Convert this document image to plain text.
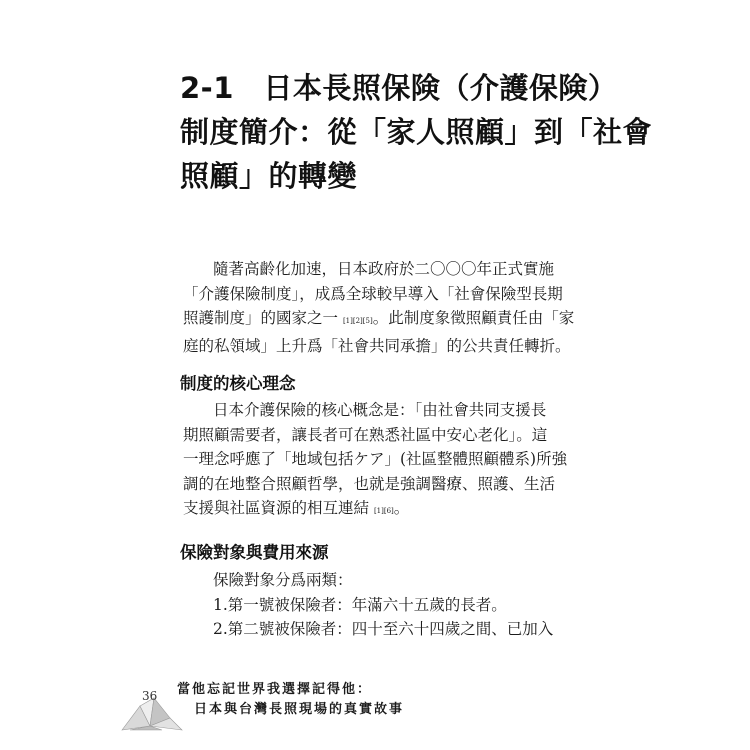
2-1　日本長照保険（介護保険）
制度簡介：從「家人照顧」到「社會
照顧」的轉變

隨著高齡化加速，日本政府於二〇〇〇年正式實施
「介護保險制度」，成爲全球較早導入「社會保險型長期
照護制度」的國家之一 [1][2][5]。此制度象徵照顧責任由「家
庭的私領域」上升爲「社會共同承擔」的公共責任轉折。

制度的核心理念

日本介護保險的核心概念是：「由社會共同支援長
期照顧需要者，讓長者可在熟悉社區中安心老化」。這
一理念呼應了「地域包括ケア」(社區整體照顧體系)所強
調的在地整合照顧哲學，也就是強調醫療、照護、生活
支援與社區資源的相互連結 [1][6]。

保險對象與費用來源
保險對象分爲兩類：
1.第一號被保險者：年滿六十五歲的長者。
2.第二號被保險者：四十至六十四歲之間、已加入
36 當他忘記世界我選擇記得他：
日本與台灣長照現場的真實故事
